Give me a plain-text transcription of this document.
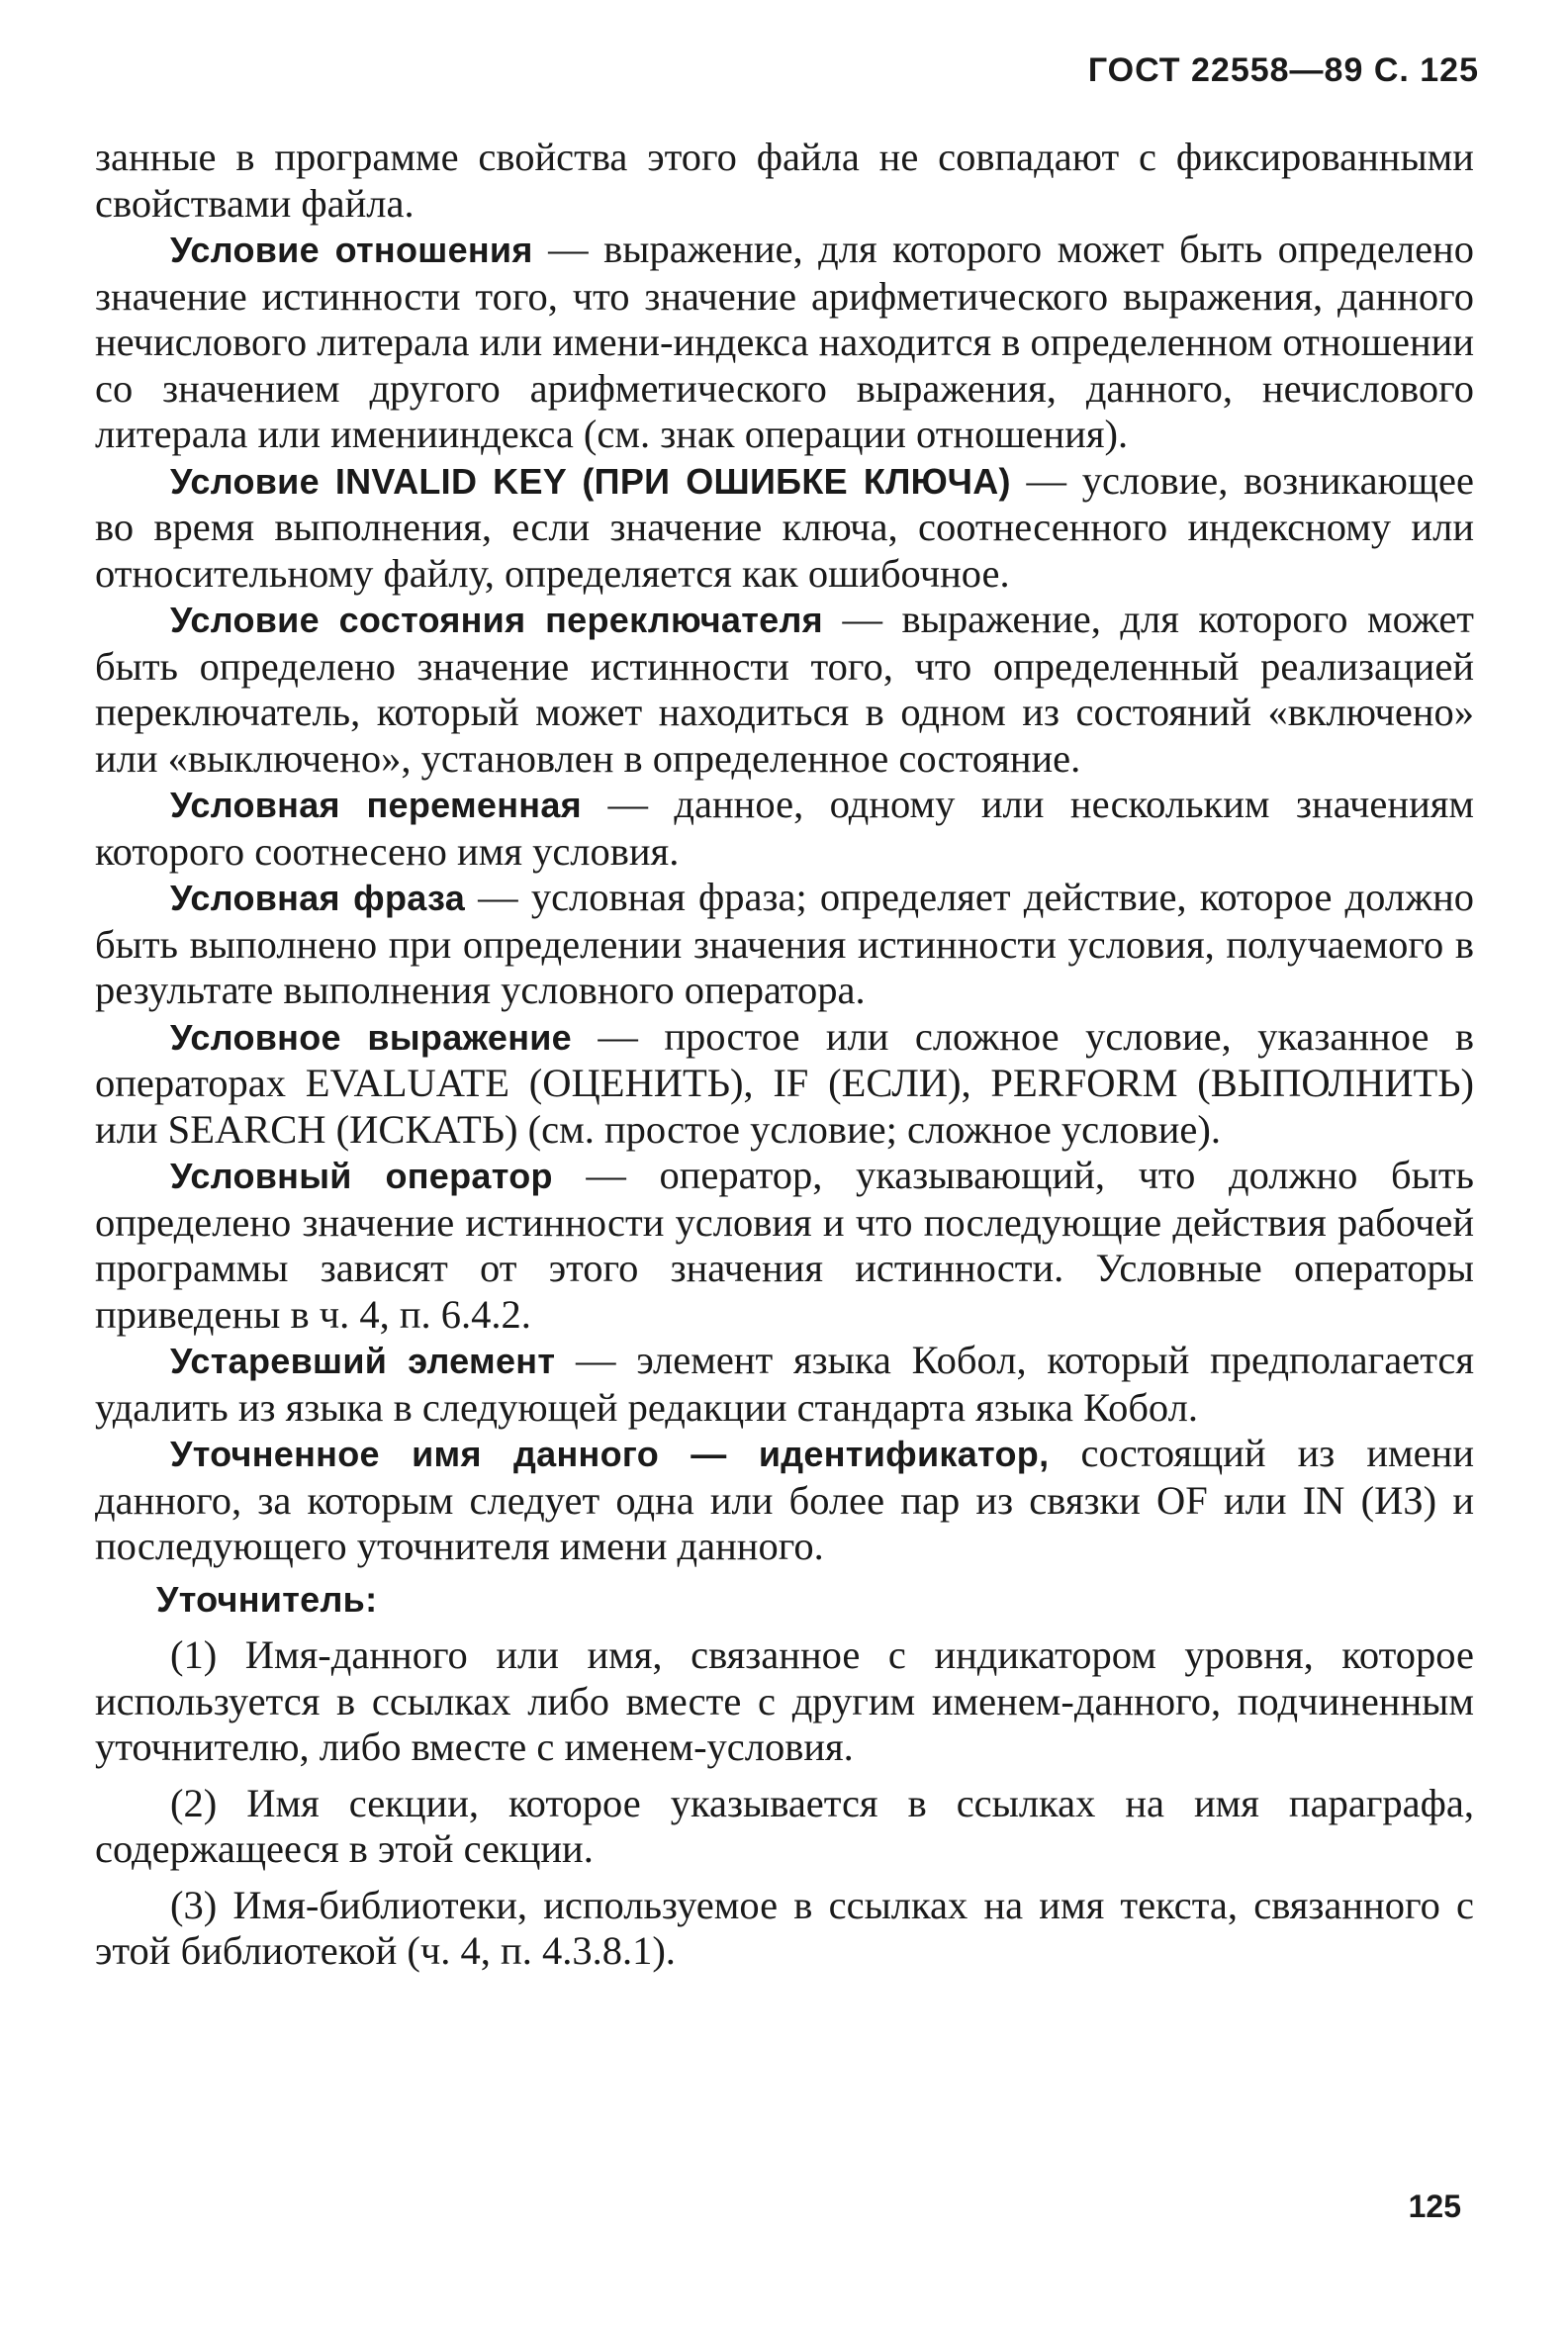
ГОСТ 22558—89 С. 125

занные в программе свойства этого файла не совпадают с фиксированными свойствами файла.

Условие отношения — выражение, для которого может быть определено значение истинности того, что значение арифметического выражения, данного нечислового литерала или имени-индекса находится в определенном отношении со значением другого арифметического выражения, данного, нечислового литерала или именииндекса (см. знак операции отношения).

Условие INVALID KEY (ПРИ ОШИБКЕ КЛЮЧА) — условие, возникающее во время выполнения, если значение ключа, соотнесенного индексному или относительному файлу, определяется как ошибочное.

Условие состояния переключателя — выражение, для которого может быть определено значение истинности того, что определенный реализацией переключатель, который может находиться в одном из состояний «включено» или «выключено», установлен в определенное состояние.

Условная переменная — данное, одному или нескольким значениям которого соотнесено имя условия.

Условная фраза — условная фраза; определяет действие, которое должно быть выполнено при определении значения истинности условия, получаемого в результате выполнения условного оператора.

Условное выражение — простое или сложное условие, указанное в операторах EVALUATE (ОЦЕНИТЬ), IF (ЕСЛИ), PERFORM (ВЫПОЛНИТЬ) или SEARCH (ИСКАТЬ) (см. простое условие; сложное условие).

Условный оператор — оператор, указывающий, что должно быть определено значение истинности условия и что последующие действия рабочей программы зависят от этого значения истинности. Условные операторы приведены в ч. 4, п. 6.4.2.

Устаревший элемент — элемент языка Кобол, который предполагается удалить из языка в следующей редакции стандарта языка Кобол.

Уточненное имя данного — идентификатор, состоящий из имени данного, за которым следует одна или более пар из связки OF или IN (ИЗ) и последующего уточнителя имени данного.

Уточнитель:

(1) Имя-данного или имя, связанное с индикатором уровня, которое используется в ссылках либо вместе с другим именем-данного, подчиненным уточнителю, либо вместе с именем-условия.

(2) Имя секции, которое указывается в ссылках на имя параграфа, содержащееся в этой секции.

(3) Имя-библиотеки, используемое в ссылках на имя текста, связанного с этой библиотекой (ч. 4, п. 4.3.8.1).

125
